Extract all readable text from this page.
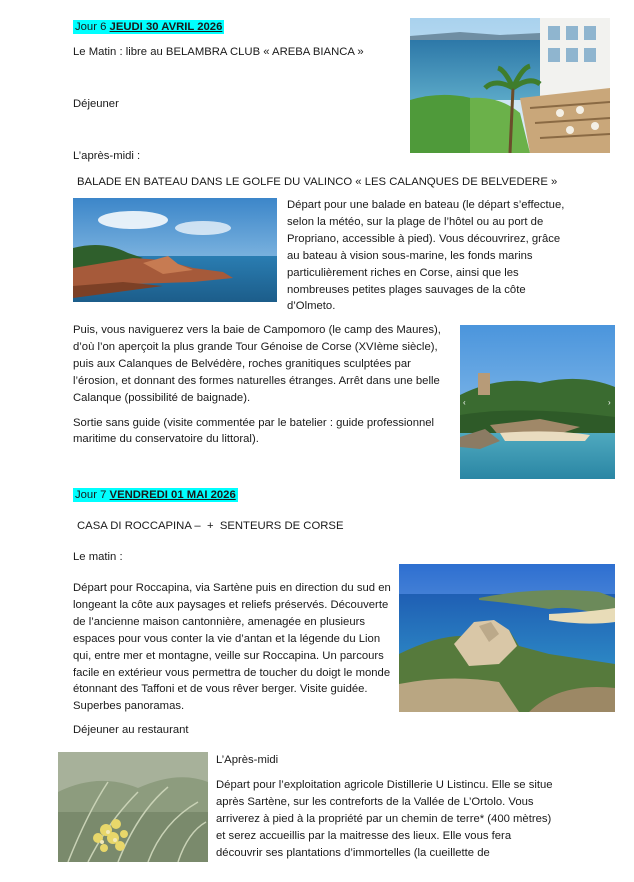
Jour 6 JEUDI 30 AVRIL 2026
Le Matin : libre au BELAMBRA CLUB « AREBA BIANCA »
Déjeuner
L’après-midi :
BALADE EN BATEAU DANS LE GOLFE DU VALINCO « LES CALANQUES DE BELVEDERE »
Départ pour une balade en bateau (le départ s’effectue, selon la météo, sur la plage de l’hôtel ou au port de Propriano, accessible à pied). Vous découvrirez, grâce au bateau à vision sous-marine, les fonds marins particulièrement riches en Corse, ainsi que les nombreuses petites plages sauvages de la côte d’Olmeto.

Puis, vous naviguerez vers la baie de Campomoro (le camp des Maures), d’où l’on aperçoit la plus grande Tour Génoise de Corse (XVIème siècle), puis aux Calanques de Belvédère, roches granitiques sculptées par l’érosion, et donnant des formes naturelles étranges. Arrêt dans une belle Calanque (possibilité de baignade).

Sortie sans guide (visite commentée par le batelier : guide professionnel maritime du conservatoire du littoral).

‹	›
Jour 7 VENDREDI 01 MAI 2026
CASA DI ROCCAPINA –  +  SENTEURS DE CORSE
Le matin :
Départ pour Roccapina, via Sartène puis en direction du sud en longeant la côte aux paysages et reliefs préservés. Découverte de l’ancienne maison cantonnière, amenagée en plusieurs espaces pour vous conter la vie d’antan et la légende du Lion qui, entre mer et montagne, veille sur Roccapina. Un parcours facile en extérieur vous permettra de toucher du doigt le monde étonnant des Taffoni et de vous rêver berger. Visite guidée. Superbes panoramas.
Déjeuner au restaurant
L’Après-midi
Départ pour l’exploitation agricole Distillerie U Listincu. Elle se situe après Sartène, sur les contreforts de la Vallée de L’Ortolo. Vous arriverez à pied à la propriété par un chemin de terre* (400 mètres) et serez accueillis par la maitresse des lieux. Elle vous fera découvrir ses plantations d’immortelles (la cueillette de
